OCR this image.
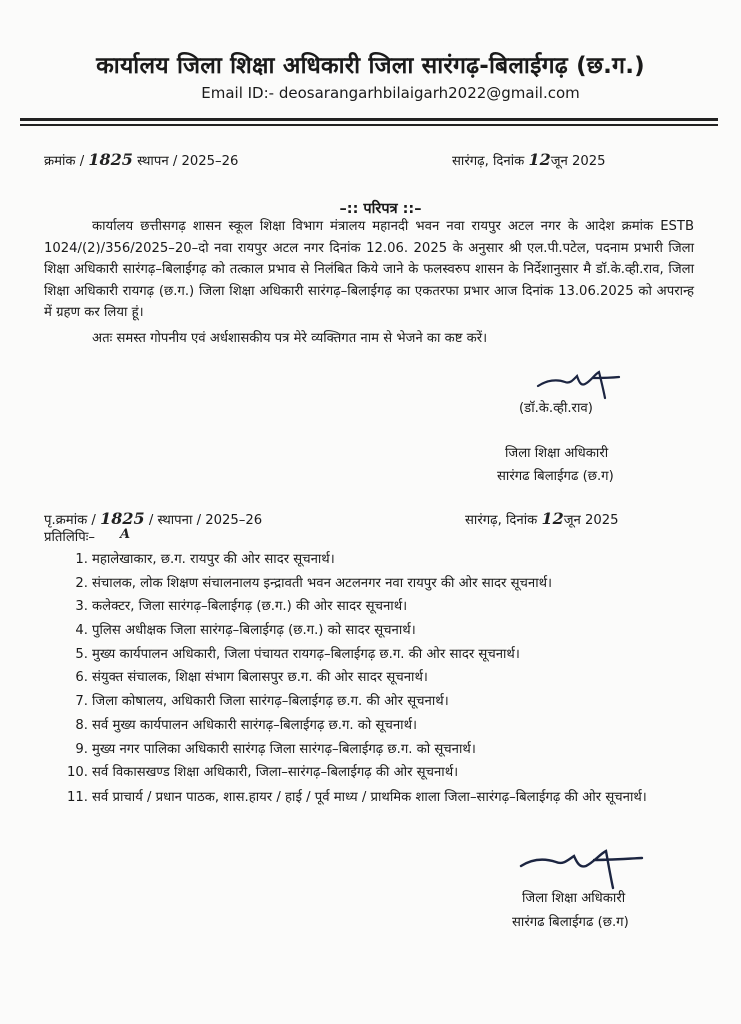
कार्यालय जिला शिक्षा अधिकारी जिला सारंगढ़-बिलाईगढ़ (छ.ग.)
Email ID:- deosarangarhbilaigarh2022@gmail.com
क्रमांक / 1825 स्थापन / 2025–26	सारंगढ़, दिनांक 12जून 2025
–:: परिपत्र ::–

कार्यालय छत्तीसगढ़ शासन स्कूल शिक्षा विभाग मंत्रालय महानदी भवन नवा रायपुर अटल नगर के आदेश क्रमांक ESTB 1024/(2)/356/2025–20–दो नवा रायपुर अटल नगर दिनांक 12.06. 2025 के अनुसार श्री एल.पी.पटेल, पदनाम प्रभारी जिला शिक्षा अधिकारी सारंगढ़–बिलाईगढ़ को तत्काल प्रभाव से निलंबित किये जाने के फलस्वरुप शासन के निर्देशानुसार मै डॉ.के.व्ही.राव, जिला शिक्षा अधिकारी रायगढ़ (छ.ग.) जिला शिक्षा अधिकारी सारंगढ़–बिलाईगढ़ का एकतरफा प्रभार आज दिनांक 13.06.2025 को अपरान्ह में ग्रहण कर लिया हूं।

अतः समस्त गोपनीय एवं अर्धशासकीय पत्र मेरे व्यक्तिगत नाम से भेजने का कष्ट करें।

(डॉ.के.व्ही.राव)
जिला शिक्षा अधिकारी
सारंगढ बिलाईगढ (छ.ग)
पृ.क्रमांक / 1825 / स्थापना / 2025–26
A
सारंगढ़, दिनांक 12जून 2025
प्रतिलिपिः–
1. महालेखाकार, छ.ग. रायपुर की ओर सादर सूचनार्थ।
2. संचालक, लोक शिक्षण संचालनालय इन्द्रावती भवन अटलनगर नवा रायपुर की ओर सादर सूचनार्थ।
3. कलेक्टर, जिला सारंगढ़–बिलाईगढ़ (छ.ग.) की ओर सादर सूचनार्थ।
4. पुलिस अधीक्षक जिला सारंगढ़–बिलाईगढ़ (छ.ग.) को सादर सूचनार्थ।
5. मुख्य कार्यपालन अधिकारी, जिला पंचायत रायगढ़–बिलाईगढ़ छ.ग. की ओर सादर सूचनार्थ।
6. संयुक्त संचालक, शिक्षा संभाग बिलासपुर छ.ग. की ओर सादर सूचनार्थ।
7. जिला कोषालय, अधिकारी जिला सारंगढ़–बिलाईगढ़ छ.ग. की ओर सूचनार्थ।
8. सर्व मुख्य कार्यपालन अधिकारी सारंगढ़–बिलाईगढ़ छ.ग. को सूचनार्थ।
9. मुख्य नगर पालिका अधिकारी सारंगढ़ जिला सारंगढ़–बिलाईगढ़ छ.ग. को सूचनार्थ।
10. सर्व विकासखण्ड शिक्षा अधिकारी, जिला–सारंगढ़–बिलाईगढ़ की ओर सूचनार्थ।
11. सर्व प्राचार्य / प्रधान पाठक, शास.हायर / हाई / पूर्व माध्य / प्राथमिक शाला जिला–सारंगढ़–बिलाईगढ़ की ओर सूचनार्थ।
जिला शिक्षा अधिकारी
सारंगढ बिलाईगढ (छ.ग)
